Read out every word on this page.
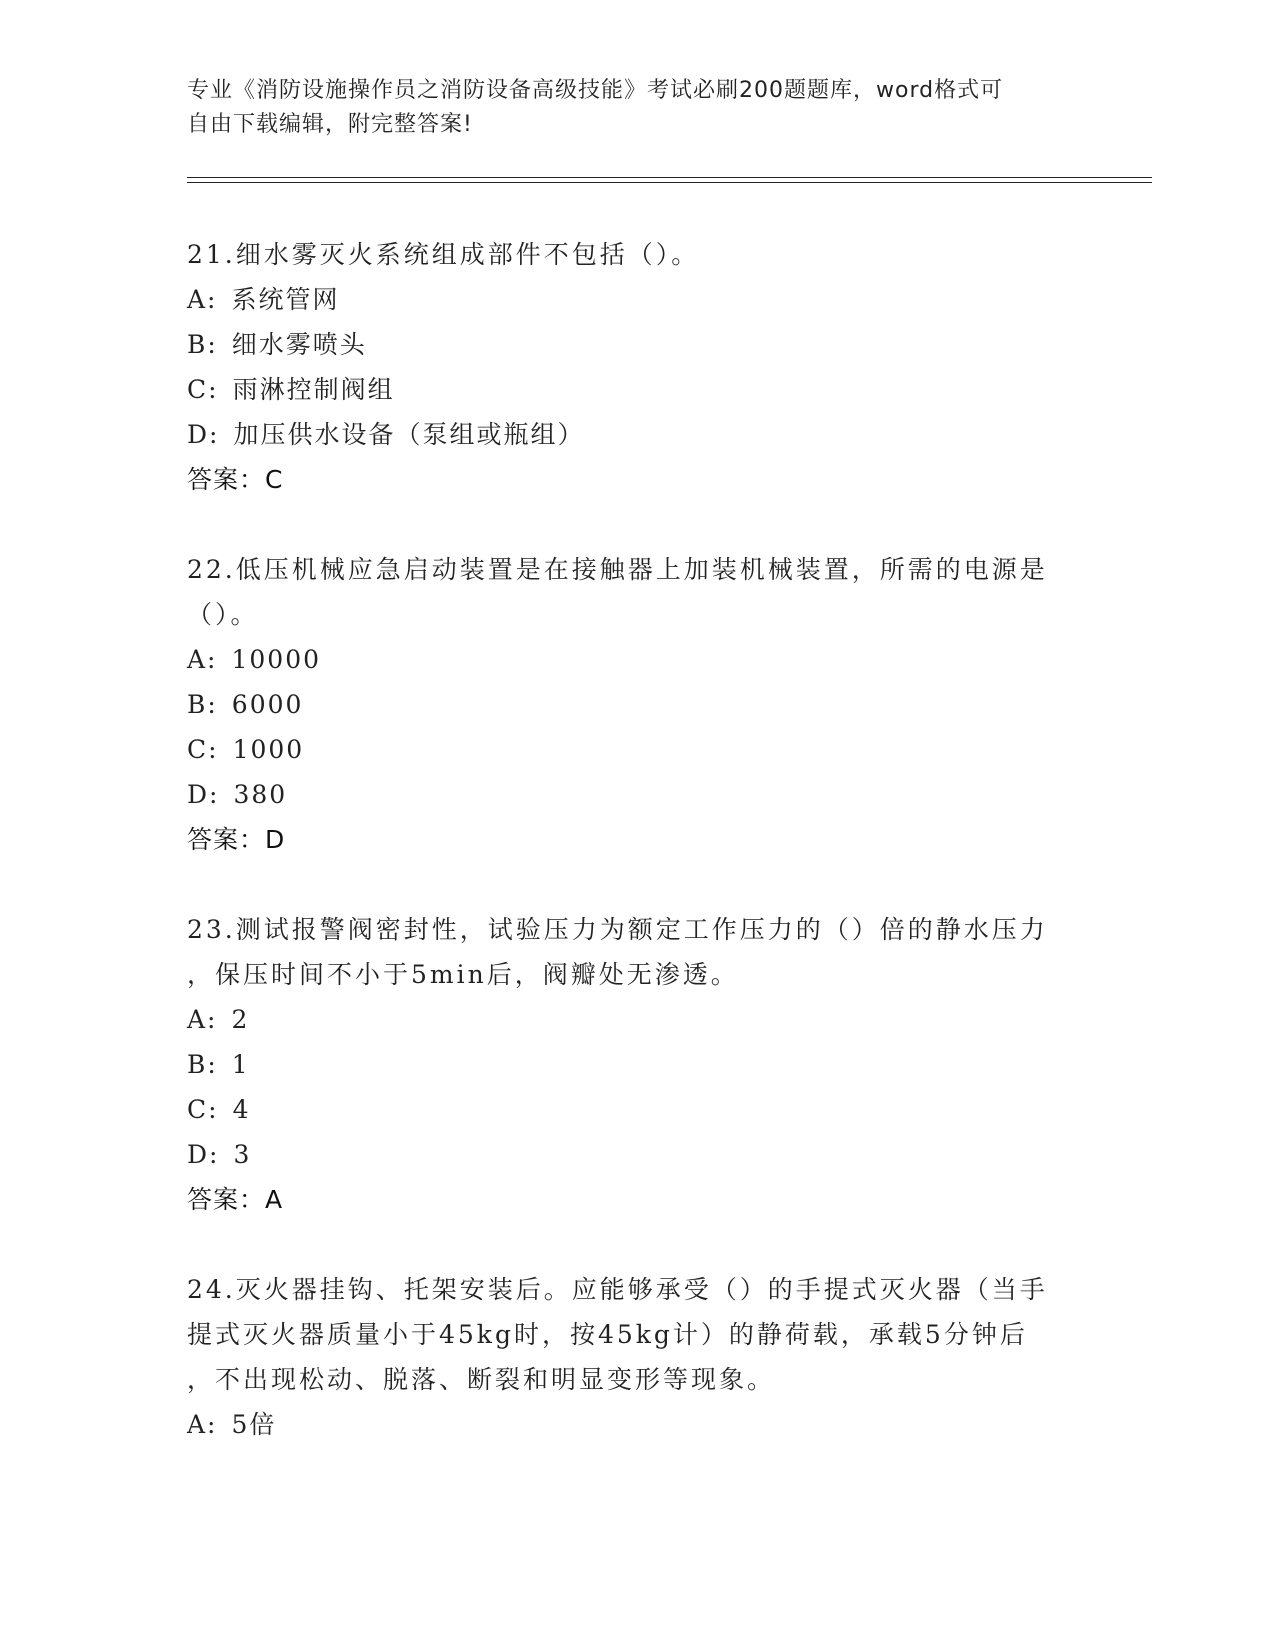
专业《消防设施操作员之消防设备高级技能》考试必刷200题题库，word格式可
自由下载编辑，附完整答案!

21.细水雾灭火系统组成部件不包括（）。

A: 系统管网

B: 细水雾喷头

C: 雨淋控制阀组

D: 加压供水设备（泵组或瓶组）

答案：C

22.低压机械应急启动装置是在接触器上加装机械装置，所需的电源是

（）。

A: 10000

B: 6000

C: 1000

D: 380

答案：D

23.测试报警阀密封性，试验压力为额定工作压力的（）倍的静水压力

，保压时间不小于5min后，阀瓣处无渗透。

A: 2

B: 1

C: 4

D: 3

答案：A

24.灭火器挂钩、托架安装后。应能够承受（）的手提式灭火器（当手

提式灭火器质量小于45kg时，按45kg计）的静荷载，承载5分钟后

，不出现松动、脱落、断裂和明显变形等现象。

A: 5倍
